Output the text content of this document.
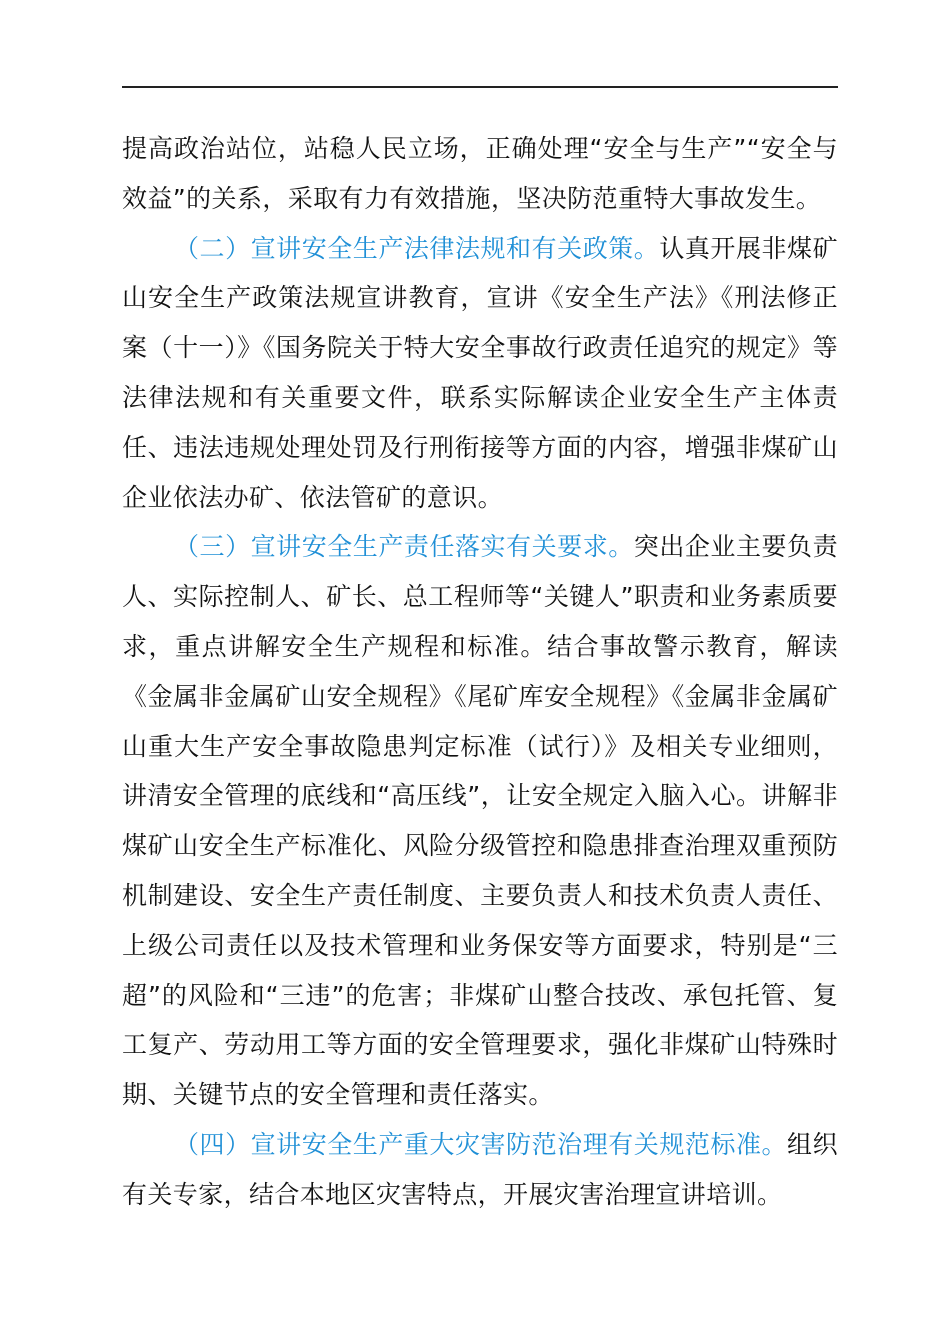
提高政治站位，站稳人民立场，正确处理“安全与生产”“安全与效益”的关系，采取有力有效措施，坚决防范重特大事故发生。

（二）宣讲安全生产法律法规和有关政策。认真开展非煤矿山安全生产政策法规宣讲教育，宣讲《安全生产法》《刑法修正案（十一）》《国务院关于特大安全事故行政责任追究的规定》等法律法规和有关重要文件，联系实际解读企业安全生产主体责任、违法违规处理处罚及行刑衔接等方面的内容，增强非煤矿山企业依法办矿、依法管矿的意识。

（三）宣讲安全生产责任落实有关要求。突出企业主要负责人、实际控制人、矿长、总工程师等“关键人”职责和业务素质要求，重点讲解安全生产规程和标准。结合事故警示教育，解读《金属非金属矿山安全规程》《尾矿库安全规程》《金属非金属矿山重大生产安全事故隐患判定标准（试行）》及相关专业细则，讲清安全管理的底线和“高压线”，让安全规定入脑入心。讲解非煤矿山安全生产标准化、风险分级管控和隐患排查治理双重预防机制建设、安全生产责任制度、主要负责人和技术负责人责任、上级公司责任以及技术管理和业务保安等方面要求，特别是“三超”的风险和“三违”的危害；非煤矿山整合技改、承包托管、复工复产、劳动用工等方面的安全管理要求，强化非煤矿山特殊时期、关键节点的安全管理和责任落实。

（四）宣讲安全生产重大灾害防范治理有关规范标准。组织有关专家，结合本地区灾害特点，开展灾害治理宣讲培训。
